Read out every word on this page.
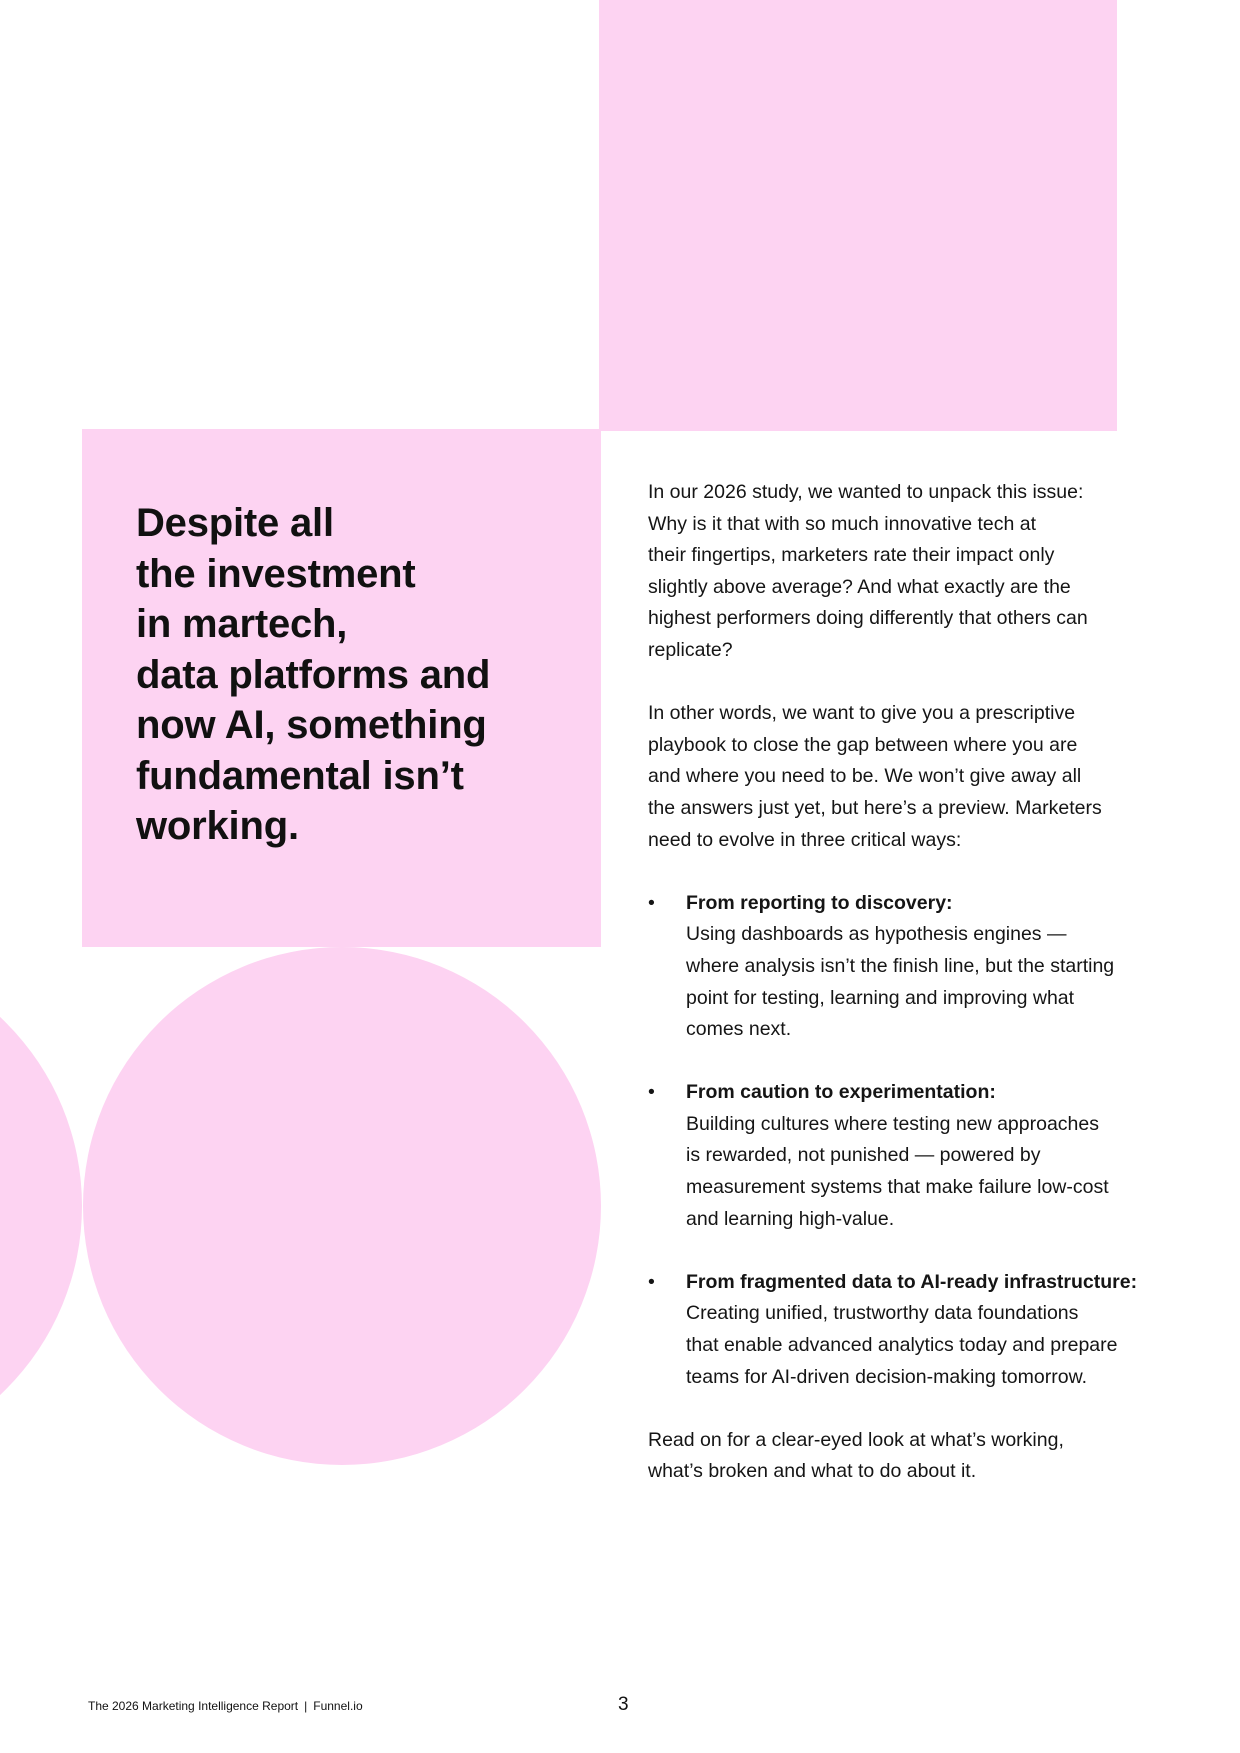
Despite all
the investment
in martech,
data platforms and
now AI, something
fundamental isn’t
working.

In our 2026 study, we wanted to unpack this issue:
Why is it that with so much innovative tech at
their fingertips, marketers rate their impact only
slightly above average? And what exactly are the
highest performers doing differently that others can
replicate?

In other words, we want to give you a prescriptive
playbook to close the gap between where you are
and where you need to be. We won’t give away all
the answers just yet, but here’s a preview. Marketers
need to evolve in three critical ways:

• From reporting to discovery:
Using dashboards as hypothesis engines —
where analysis isn’t the finish line, but the starting
point for testing, learning and improving what
comes next.
• From caution to experimentation:
Building cultures where testing new approaches
is rewarded, not punished — powered by
measurement systems that make failure low-cost
and learning high-value.
• From fragmented data to AI-ready infrastructure:
Creating unified, trustworthy data foundations
that enable advanced analytics today and prepare
teams for AI-driven decision-making tomorrow.

Read on for a clear-eyed look at what’s working,
what’s broken and what to do about it.

The 2026 Marketing Intelligence Report | Funnel.io	3
